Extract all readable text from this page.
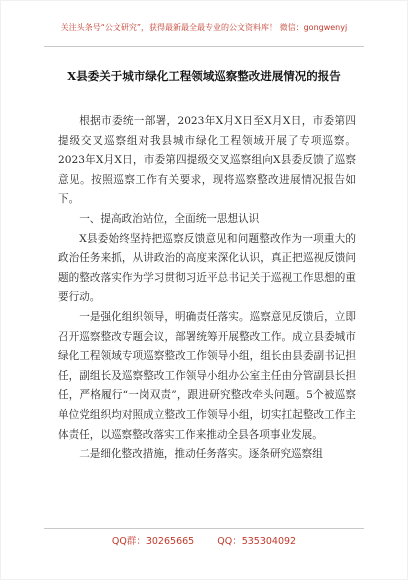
关注头条号“公文研究”，获得最新最全最专业的公文资料库！ 微信：gongwenyj
X县委关于城市绿化工程领域巡察整改进展情况的报告

根据市委统一部署，2023年X月X日至X月X日，市委第四提级交叉巡察组对我县城市绿化工程领域开展了专项巡察。2023年X月X日，市委第四提级交叉巡察组向X县委反馈了巡察意见。按照巡察工作有关要求，现将巡察整改进展情况报告如下。

一、提高政治站位，全面统一思想认识

X县委始终坚持把巡察反馈意见和问题整改作为一项重大的政治任务来抓，从讲政治的高度来深化认识，真正把巡视反馈问题的整改落实作为学习贯彻习近平总书记关于巡视工作思想的重要行动。

一是强化组织领导，明确责任落实。巡察意见反馈后，立即召开巡察整改专题会议，部署统筹开展整改工作。成立县委城市绿化工程领域专项巡察整改工作领导小组，组长由县委副书记担任，副组长及巡察整改工作领导小组办公室主任由分管副县长担任，严格履行“一岗双责”，跟进研究整改牵头问题。5个被巡察单位党组织均对照成立整改工作领导小组，切实扛起整改工作主体责任，以巡察整改落实工作来推动全县各项事业发展。

二是细化整改措施，推动任务落实。逐条研究巡察组

QQ群：30265665 QQ：535304092
